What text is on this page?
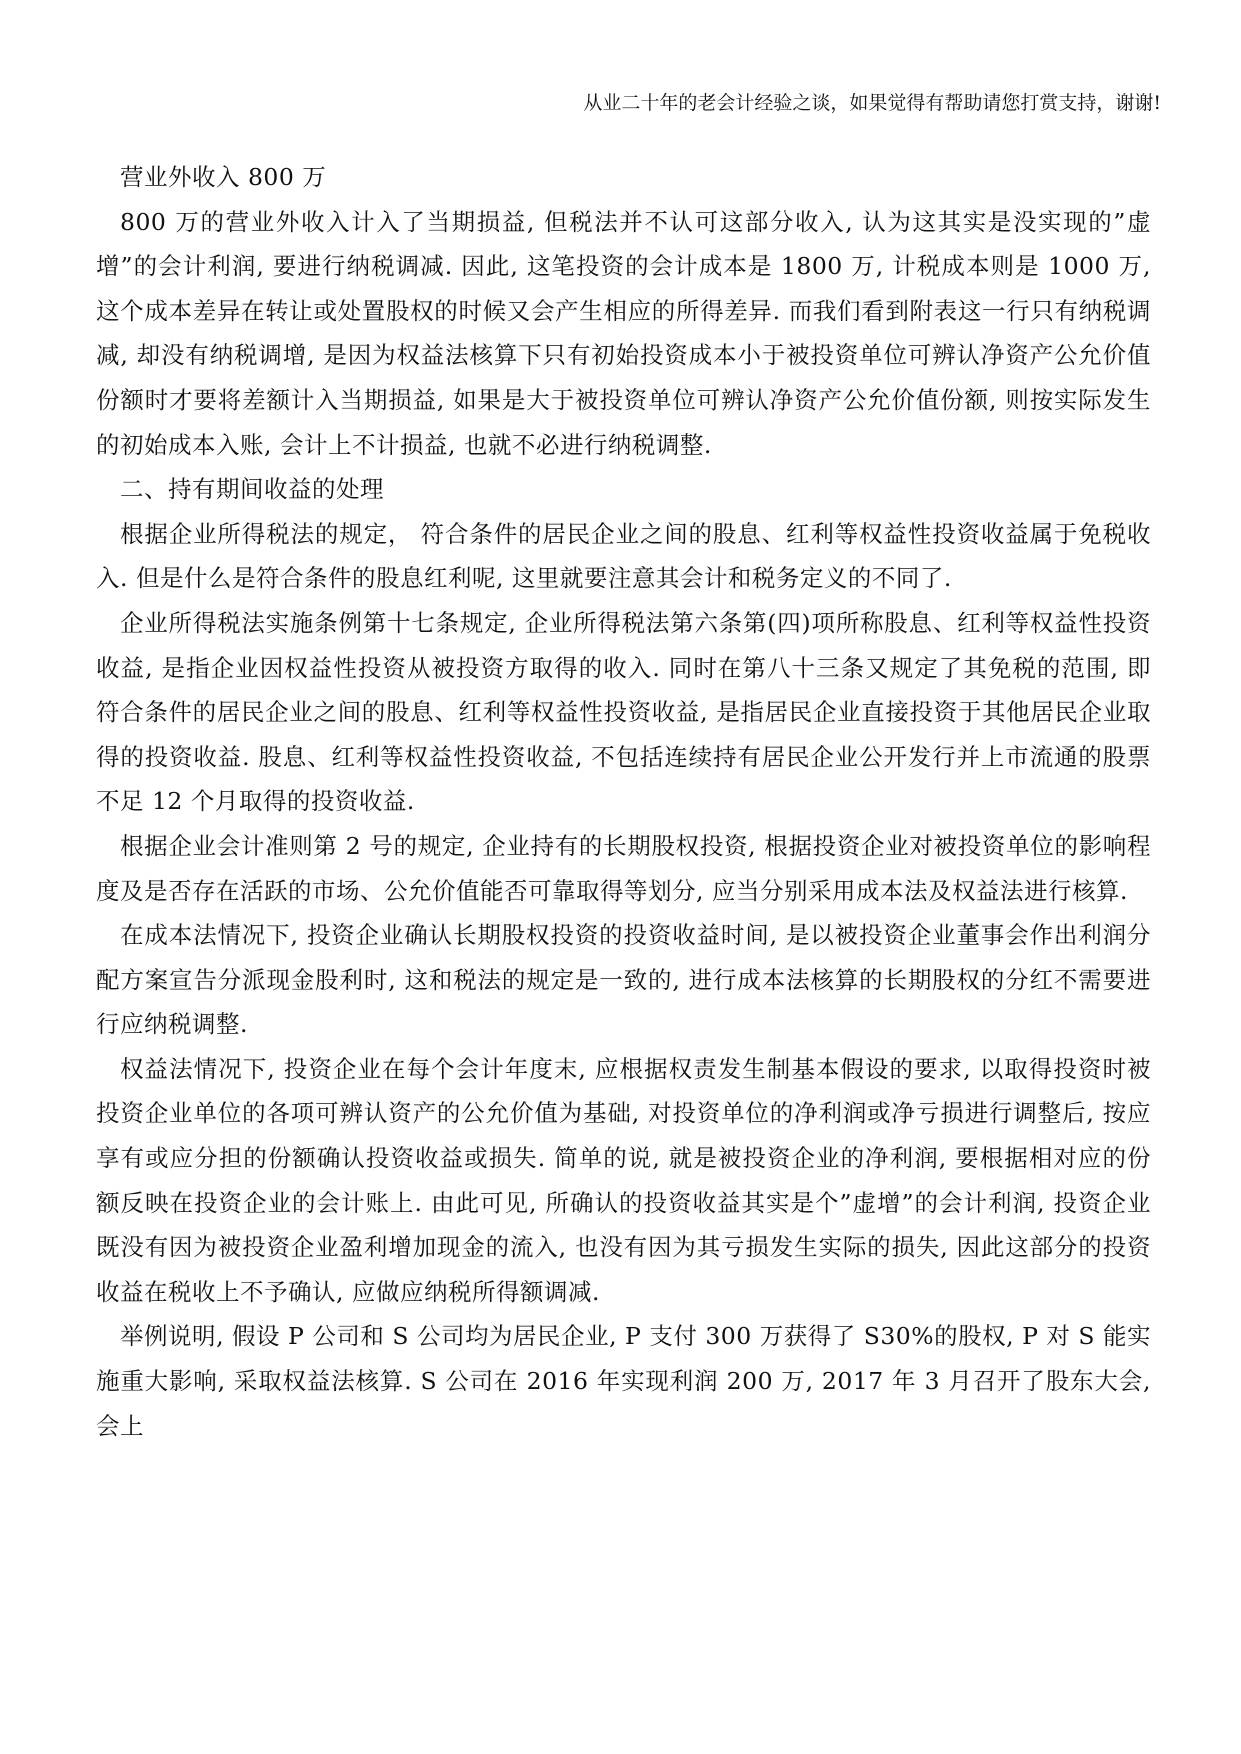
从业二十年的老会计经验之谈，如果觉得有帮助请您打赏支持，谢谢!

营业外收入 800 万

800 万的营业外收入计入了当期损益, 但税法并不认可这部分收入, 认为这其实是没实现的”虚增”的会计利润, 要进行纳税调减. 因此, 这笔投资的会计成本是 1800 万, 计税成本则是 1000 万, 这个成本差异在转让或处置股权的时候又会产生相应的所得差异. 而我们看到附表这一行只有纳税调减, 却没有纳税调增, 是因为权益法核算下只有初始投资成本小于被投资单位可辨认净资产公允价值份额时才要将差额计入当期损益, 如果是大于被投资单位可辨认净资产公允价值份额, 则按实际发生的初始成本入账, 会计上不计损益, 也就不必进行纳税调整.

二、持有期间收益的处理

根据企业所得税法的规定， 符合条件的居民企业之间的股息、红利等权益性投资收益属于免税收入. 但是什么是符合条件的股息红利呢, 这里就要注意其会计和税务定义的不同了.

企业所得税法实施条例第十七条规定, 企业所得税法第六条第(四)项所称股息、红利等权益性投资收益, 是指企业因权益性投资从被投资方取得的收入. 同时在第八十三条又规定了其免税的范围, 即符合条件的居民企业之间的股息、红利等权益性投资收益, 是指居民企业直接投资于其他居民企业取得的投资收益. 股息、红利等权益性投资收益, 不包括连续持有居民企业公开发行并上市流通的股票不足 12 个月取得的投资收益.

根据企业会计准则第 2 号的规定, 企业持有的长期股权投资, 根据投资企业对被投资单位的影响程度及是否存在活跃的市场、公允价值能否可靠取得等划分, 应当分别采用成本法及权益法进行核算.

在成本法情况下, 投资企业确认长期股权投资的投资收益时间, 是以被投资企业董事会作出利润分配方案宣告分派现金股利时, 这和税法的规定是一致的, 进行成本法核算的长期股权的分红不需要进行应纳税调整.

权益法情况下, 投资企业在每个会计年度末, 应根据权责发生制基本假设的要求, 以取得投资时被投资企业单位的各项可辨认资产的公允价值为基础, 对投资单位的净利润或净亏损进行调整后, 按应享有或应分担的份额确认投资收益或损失. 简单的说, 就是被投资企业的净利润, 要根据相对应的份额反映在投资企业的会计账上. 由此可见, 所确认的投资收益其实是个”虚增”的会计利润, 投资企业既没有因为被投资企业盈利增加现金的流入, 也没有因为其亏损发生实际的损失, 因此这部分的投资收益在税收上不予确认, 应做应纳税所得额调减.

举例说明, 假设 P 公司和 S 公司均为居民企业, P 支付 300 万获得了 S30%的股权, P 对 S 能实施重大影响, 采取权益法核算. S 公司在 2016 年实现利润 200 万, 2017 年 3 月召开了股东大会, 会上
